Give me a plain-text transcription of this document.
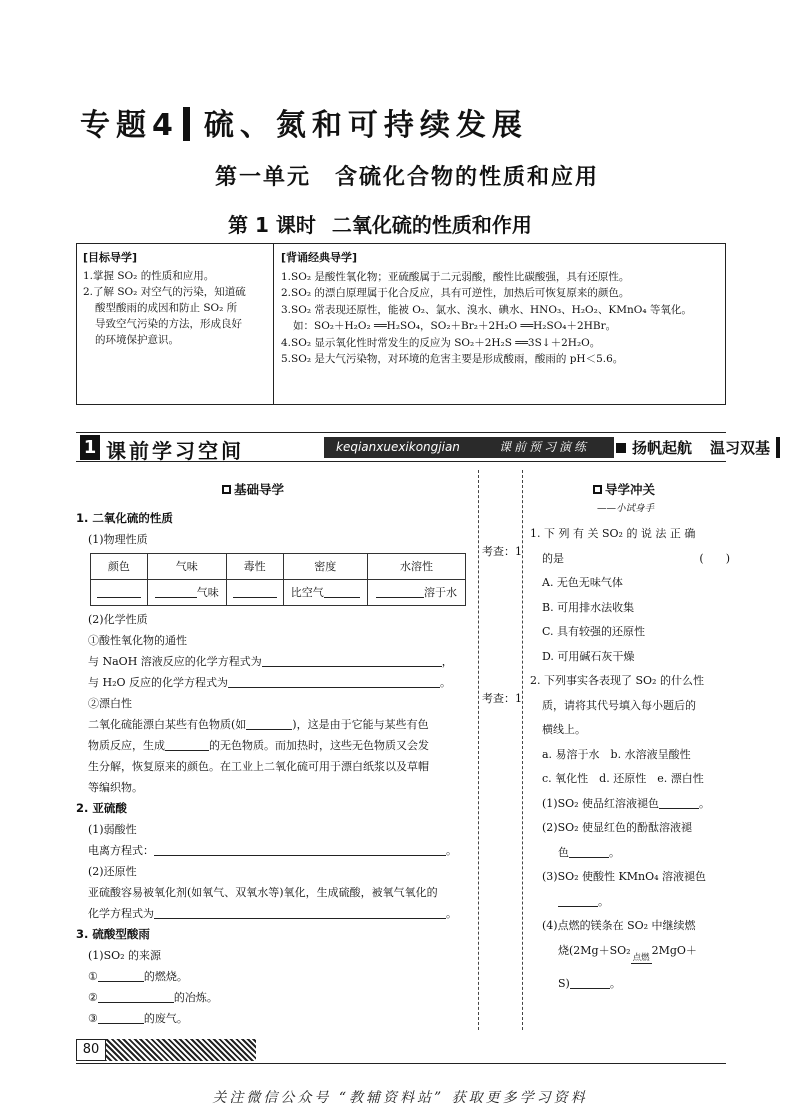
专题4 硫、氮和可持续发展
第一单元 含硫化合物的性质和应用
第 1 课时 二氧化硫的性质和作用
[目标导学]
1.掌握 SO₂ 的性质和应用。
2.了解 SO₂ 对空气的污染，知道硫
酸型酸雨的成因和防止 SO₂ 所
导致空气污染的方法，形成良好
的环境保护意识。
[背诵经典导学]
1.SO₂ 是酸性氧化物；亚硫酸属于二元弱酸，酸性比碳酸强，具有还原性。
2.SO₂ 的漂白原理属于化合反应，具有可逆性，加热后可恢复原来的颜色。
3.SO₂ 常表现还原性，能被 O₂、氯水、溴水、碘水、HNO₃、H₂O₂、KMnO₄ 等氧化。
如：SO₂＋H₂O₂ ══H₂SO₄，SO₂＋Br₂＋2H₂O ══H₂SO₄＋2HBr。
4.SO₂ 显示氧化性时常发生的反应为 SO₂＋2H₂S ══3S↓＋2H₂O。
5.SO₂ 是大气污染物，对环境的危害主要是形成酸雨，酸雨的 pH＜5.6。
1 课前学习空间	keqianxuexikongjian	课前预习演练	扬帆起航 温习双基
基础导学	导学冲关
——小试身手
1. 二氧化硫的性质
(1)物理性质
颜色	气味	毒性	密度	水溶性
	气味		比空气	溶于水
(2)化学性质
①酸性氧化物的通性
与 NaOH 溶液反应的化学方程式为	，
与 H₂O 反应的化学方程式为	。
②漂白性
二氧化硫能漂白某些有色物质(如	)，这是由于它能与某些有色
物质反应，生成	的无色物质。而加热时，这些无色物质又会发
生分解，恢复原来的颜色。在工业上二氧化硫可用于漂白纸浆以及草帽
等编织物。
2. 亚硫酸
(1)弱酸性
电离方程式：	。
(2)还原性
亚硫酸容易被氧化剂(如氧气、双氧水等)氧化，生成硫酸，被氧气氧化的
化学方程式为	。
3. 硫酸型酸雨
(1)SO₂ 的来源
①	的燃烧。
②	的冶炼。
③	的废气。
考查：1
考查：1
1. 下 列 有 关 SO₂ 的 说 法 正 确
的是	(　　)
A. 无色无味气体
B. 可用排水法收集
C. 具有较强的还原性
D. 可用碱石灰干燥
2. 下列事实各表现了 SO₂ 的什么性
质，请将其代号填入每小题后的
横线上。
a. 易溶于水　b. 水溶液呈酸性
c. 氧化性　d. 还原性　e. 漂白性
(1)SO₂ 使品红溶液褪色	。
(2)SO₂ 使显红色的酚酞溶液褪
色	。
(3)SO₂ 使酸性 KMnO₄ 溶液褪色
。
(4)点燃的镁条在 SO₂ 中继续燃
烧(2Mg＋SO₂
点燃
2MgO＋
S)	。
80
关注微信公众号 “教辅资料站” 获取更多学习资料
